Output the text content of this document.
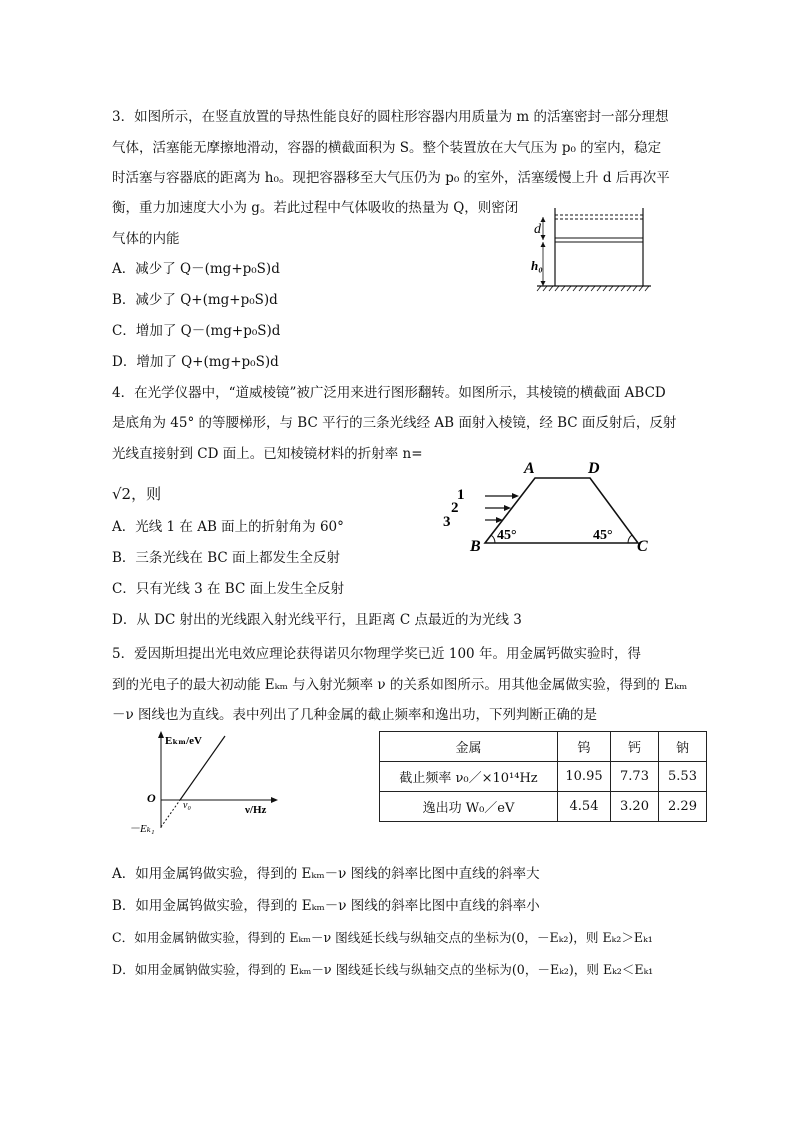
3．如图所示，在竖直放置的导热性能良好的圆柱形容器内用质量为 m 的活塞密封一部分理想
气体，活塞能无摩擦地滑动，容器的横截面积为 S。整个装置放在大气压为 p₀ 的室内，稳定
时活塞与容器底的距离为 h₀。现把容器移至大气压仍为 p₀ 的室外，活塞缓慢上升 d 后再次平
衡，重力加速度大小为 g。若此过程中气体吸收的热量为 Q，则密闭
气体的内能
A．减少了 Q－(mg+p₀S)d
B．减少了 Q+(mg+p₀S)d
C．增加了 Q－(mg+p₀S)d
D．增加了 Q+(mg+p₀S)d
d
h₀
4．在光学仪器中，“道威棱镜”被广泛用来进行图形翻转。如图所示，其棱镜的横截面 ABCD
是底角为 45° 的等腰梯形，与 BC 平行的三条光线经 AB 面射入棱镜，经 BC 面反射后，反射
光线直接射到 CD 面上。已知棱镜材料的折射率 n=
√2，则
A．光线 1 在 AB 面上的折射角为 60°
B．三条光线在 BC 面上都发生全反射
C．只有光线 3 在 BC 面上发生全反射
D．从 DC 射出的光线跟入射光线平行，且距离 C 点最近的为光线 3
A	D
B	C
1
2
3
45°	45°
5．爱因斯坦提出光电效应理论获得诺贝尔物理学奖已近 100 年。用金属钙做实验时，得
到的光电子的最大初动能 Eₖₘ 与入射光频率 ν 的关系如图所示。用其他金属做实验，得到的 Eₖₘ
－ν 图线也为直线。表中列出了几种金属的截止频率和逸出功，下列判断正确的是
Eₖₘ/eV
ν/Hz
O
ν₀
－Eₖ₁
金属	钨	钙	钠
截止频率 ν₀／×10¹⁴Hz	10.95	7.73	5.53
逸出功 W₀／eV	4.54	3.20	2.29
A．如用金属钨做实验，得到的 Eₖₘ－ν 图线的斜率比图中直线的斜率大
B．如用金属钨做实验，得到的 Eₖₘ－ν 图线的斜率比图中直线的斜率小
C．如用金属钠做实验，得到的 Eₖₘ－ν 图线延长线与纵轴交点的坐标为(0，－Eₖ₂)，则 Eₖ₂＞Eₖ₁
D．如用金属钠做实验，得到的 Eₖₘ－ν 图线延长线与纵轴交点的坐标为(0，－Eₖ₂)，则 Eₖ₂＜Eₖ₁
